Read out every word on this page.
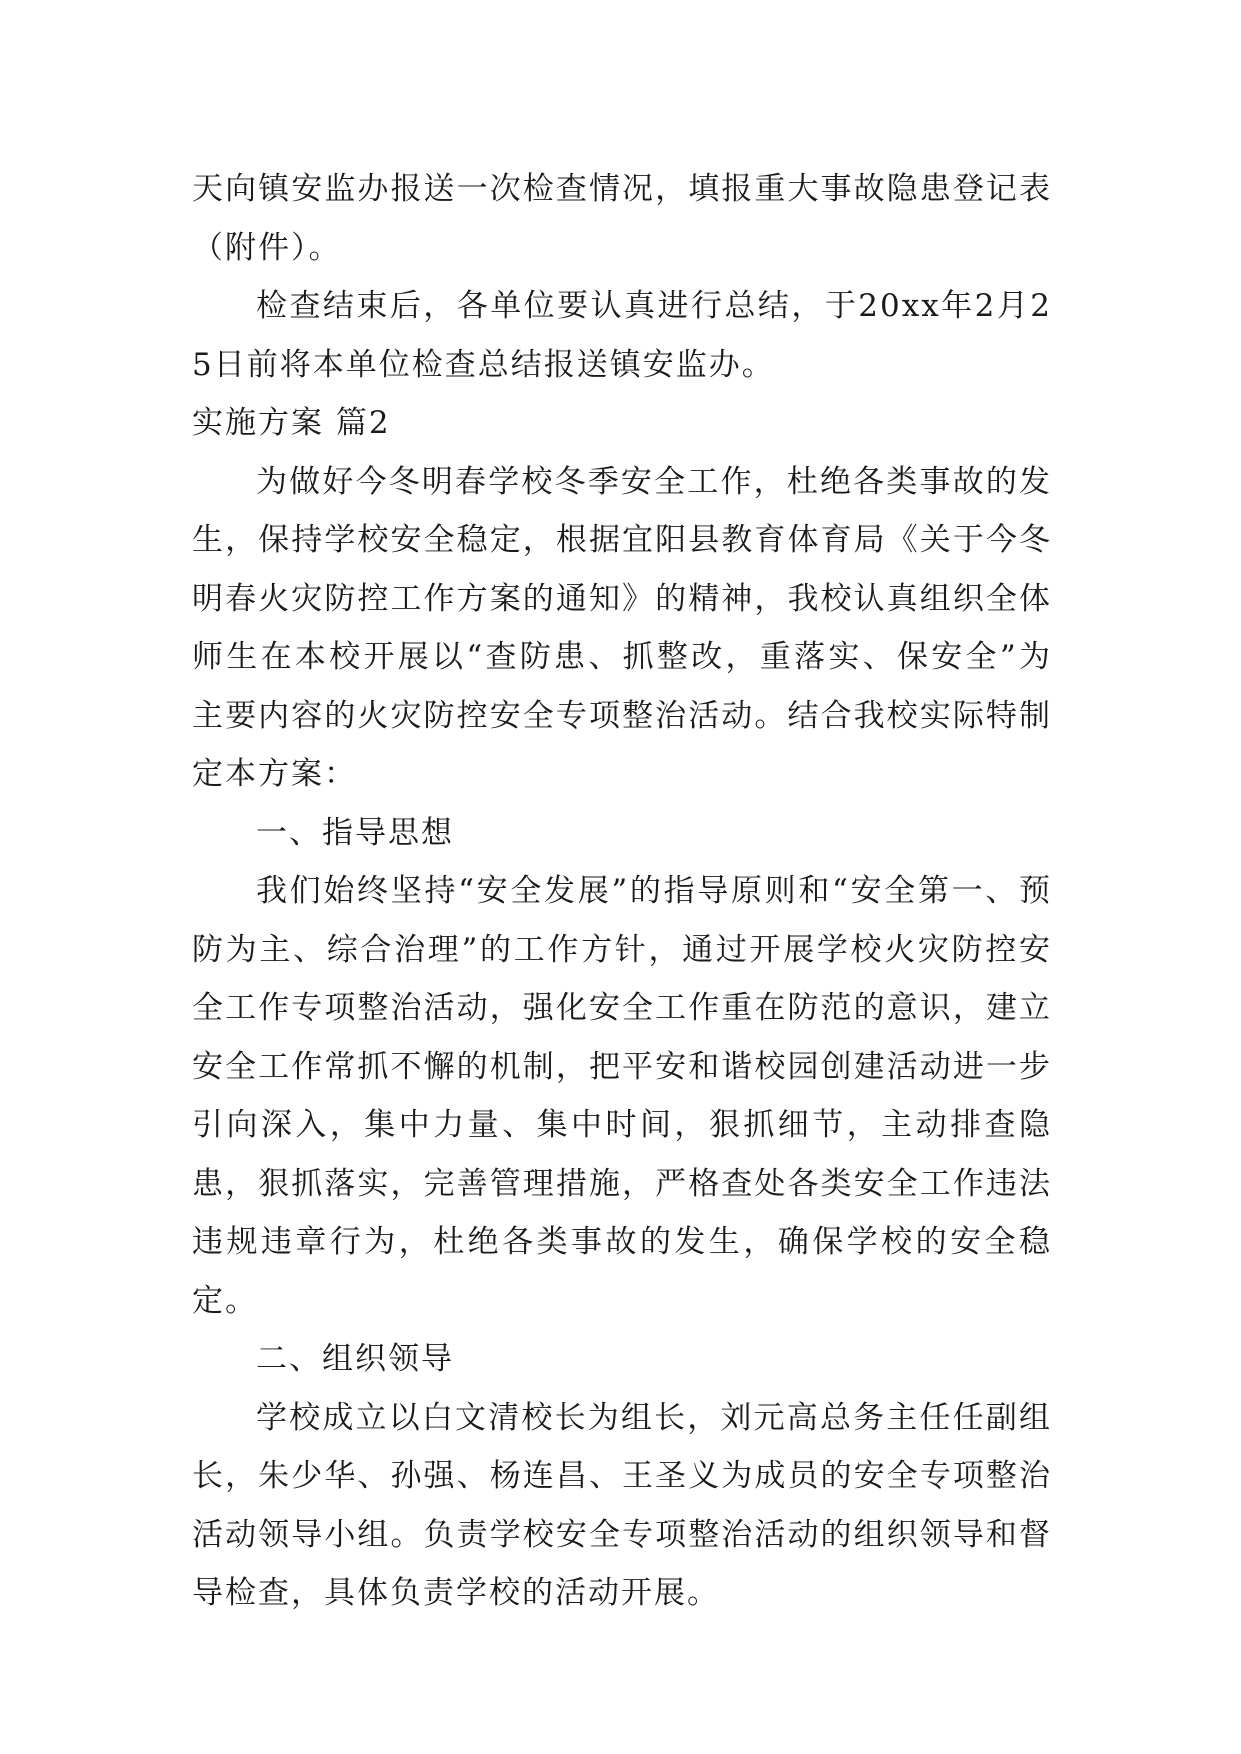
天向镇安监办报送一次检查情况，填报重大事故隐患登记表（附件）。

检查结束后，各单位要认真进行总结，于20xx年2月25日前将本单位检查总结报送镇安监办。

实施方案 篇2

为做好今冬明春学校冬季安全工作，杜绝各类事故的发生，保持学校安全稳定，根据宜阳县教育体育局《关于今冬明春火灾防控工作方案的通知》的精神，我校认真组织全体师生在本校开展以“查防患、抓整改，重落实、保安全”为主要内容的火灾防控安全专项整治活动。结合我校实际特制定本方案：

一、指导思想

我们始终坚持“安全发展”的指导原则和“安全第一、预防为主、综合治理”的工作方针，通过开展学校火灾防控安全工作专项整治活动，强化安全工作重在防范的意识，建立安全工作常抓不懈的机制，把平安和谐校园创建活动进一步引向深入，集中力量、集中时间，狠抓细节，主动排查隐患，狠抓落实，完善管理措施，严格查处各类安全工作违法违规违章行为，杜绝各类事故的发生，确保学校的安全稳定。

二、组织领导

学校成立以白文清校长为组长，刘元高总务主任任副组长，朱少华、孙强、杨连昌、王圣义为成员的安全专项整治活动领导小组。负责学校安全专项整治活动的组织领导和督导检查，具体负责学校的活动开展。
